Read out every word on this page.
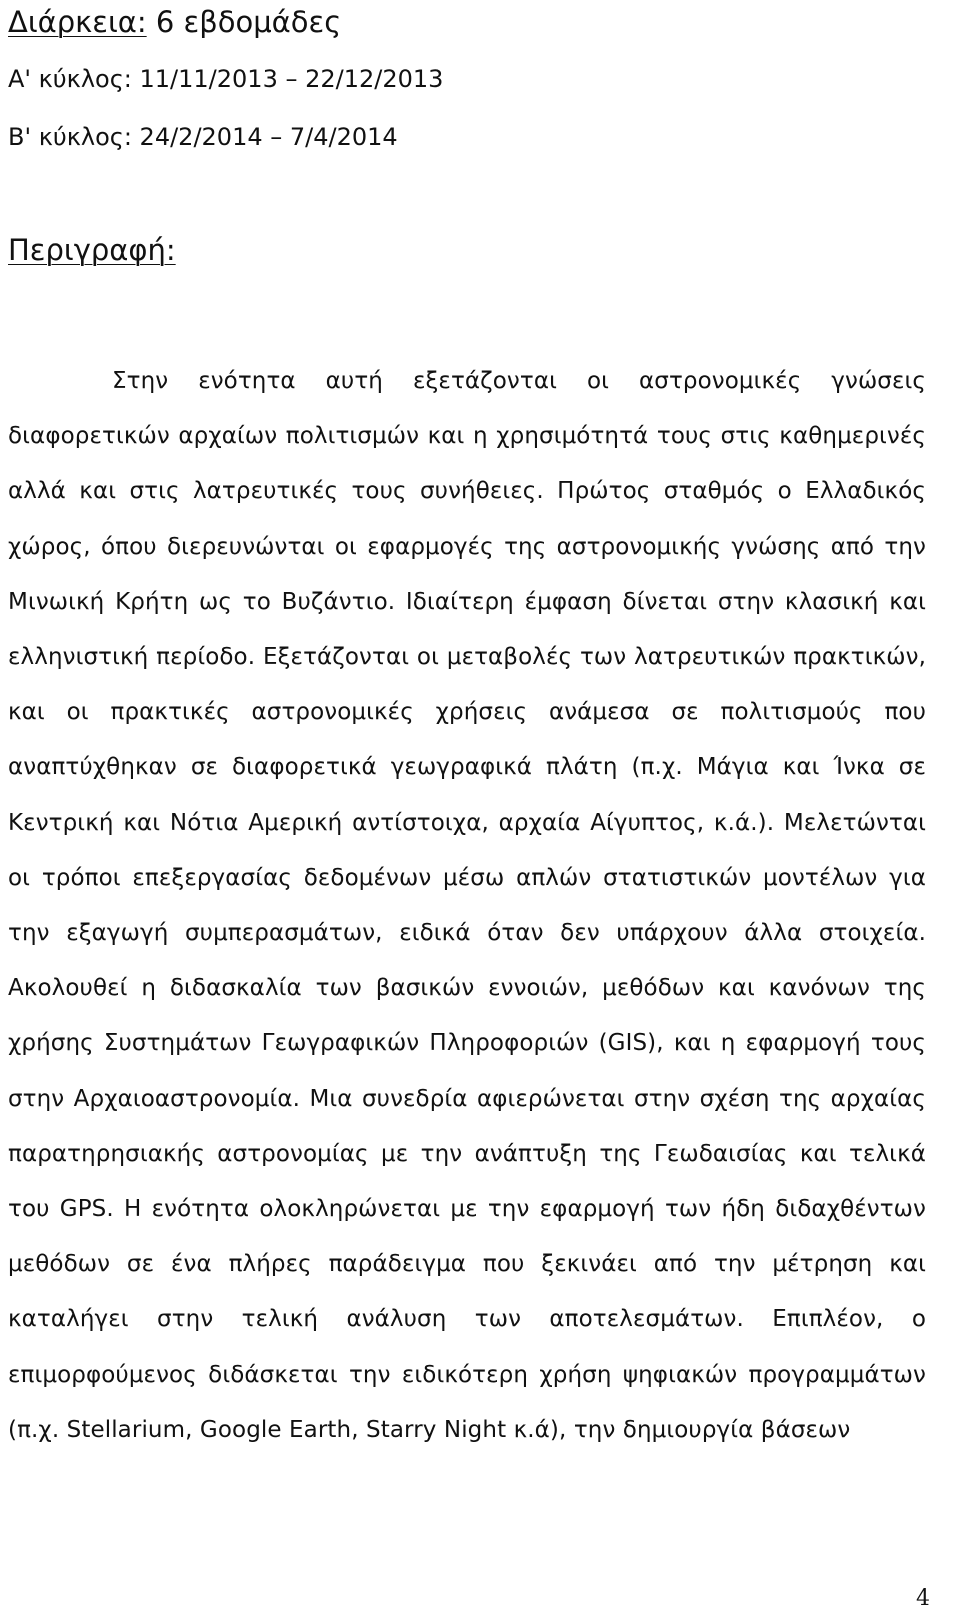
Διάρκεια: 6 εβδομάδες

Α' κύκλος: 11/11/2013 – 22/12/2013

Β' κύκλος: 24/2/2014 – 7/4/2014

Περιγραφή:

Στην ενότητα αυτή εξετάζονται οι αστρονομικές γνώσεις διαφορετικών αρχαίων πολιτισμών και η χρησιμότητά τους στις καθημερινές αλλά και στις λατρευτικές τους συνήθειες. Πρώτος σταθμός ο Ελλαδικός χώρος, όπου διερευνώνται οι εφαρμογές της αστρονομικής γνώσης από την Μινωική Κρήτη ως το Βυζάντιο. Ιδιαίτερη έμφαση δίνεται στην κλασική και ελληνιστική περίοδο. Εξετάζονται οι μεταβολές των λατρευτικών πρακτικών, και οι πρακτικές αστρονομικές χρήσεις ανάμεσα σε πολιτισμούς που αναπτύχθηκαν σε διαφορετικά γεωγραφικά πλάτη (π.χ. Μάγια και Ίνκα σε Κεντρική και Νότια Αμερική αντίστοιχα, αρχαία Αίγυπτος, κ.ά.). Μελετώνται οι τρόποι επεξεργασίας δεδομένων μέσω απλών στατιστικών μοντέλων για την εξαγωγή συμπερασμάτων, ειδικά όταν δεν υπάρχουν άλλα στοιχεία. Ακολουθεί η διδασκαλία των βασικών εννοιών, μεθόδων και κανόνων της χρήσης Συστημάτων Γεωγραφικών Πληροφοριών (GIS), και η εφαρμογή τους στην Αρχαιοαστρονομία. Μια συνεδρία αφιερώνεται στην σχέση της αρχαίας παρατηρησιακής αστρονομίας με την ανάπτυξη της Γεωδαισίας και τελικά του GPS. Η ενότητα ολοκληρώνεται με την εφαρμογή των ήδη διδαχθέντων μεθόδων σε ένα πλήρες παράδειγμα που ξεκινάει από την μέτρηση και καταλήγει στην τελική ανάλυση των αποτελεσμάτων. Επιπλέον, ο επιμορφούμενος διδάσκεται την ειδικότερη χρήση ψηφιακών προγραμμάτων (π.χ. Stellarium, Google Earth, Starry Night κ.ά), την δημιουργία βάσεων

4
